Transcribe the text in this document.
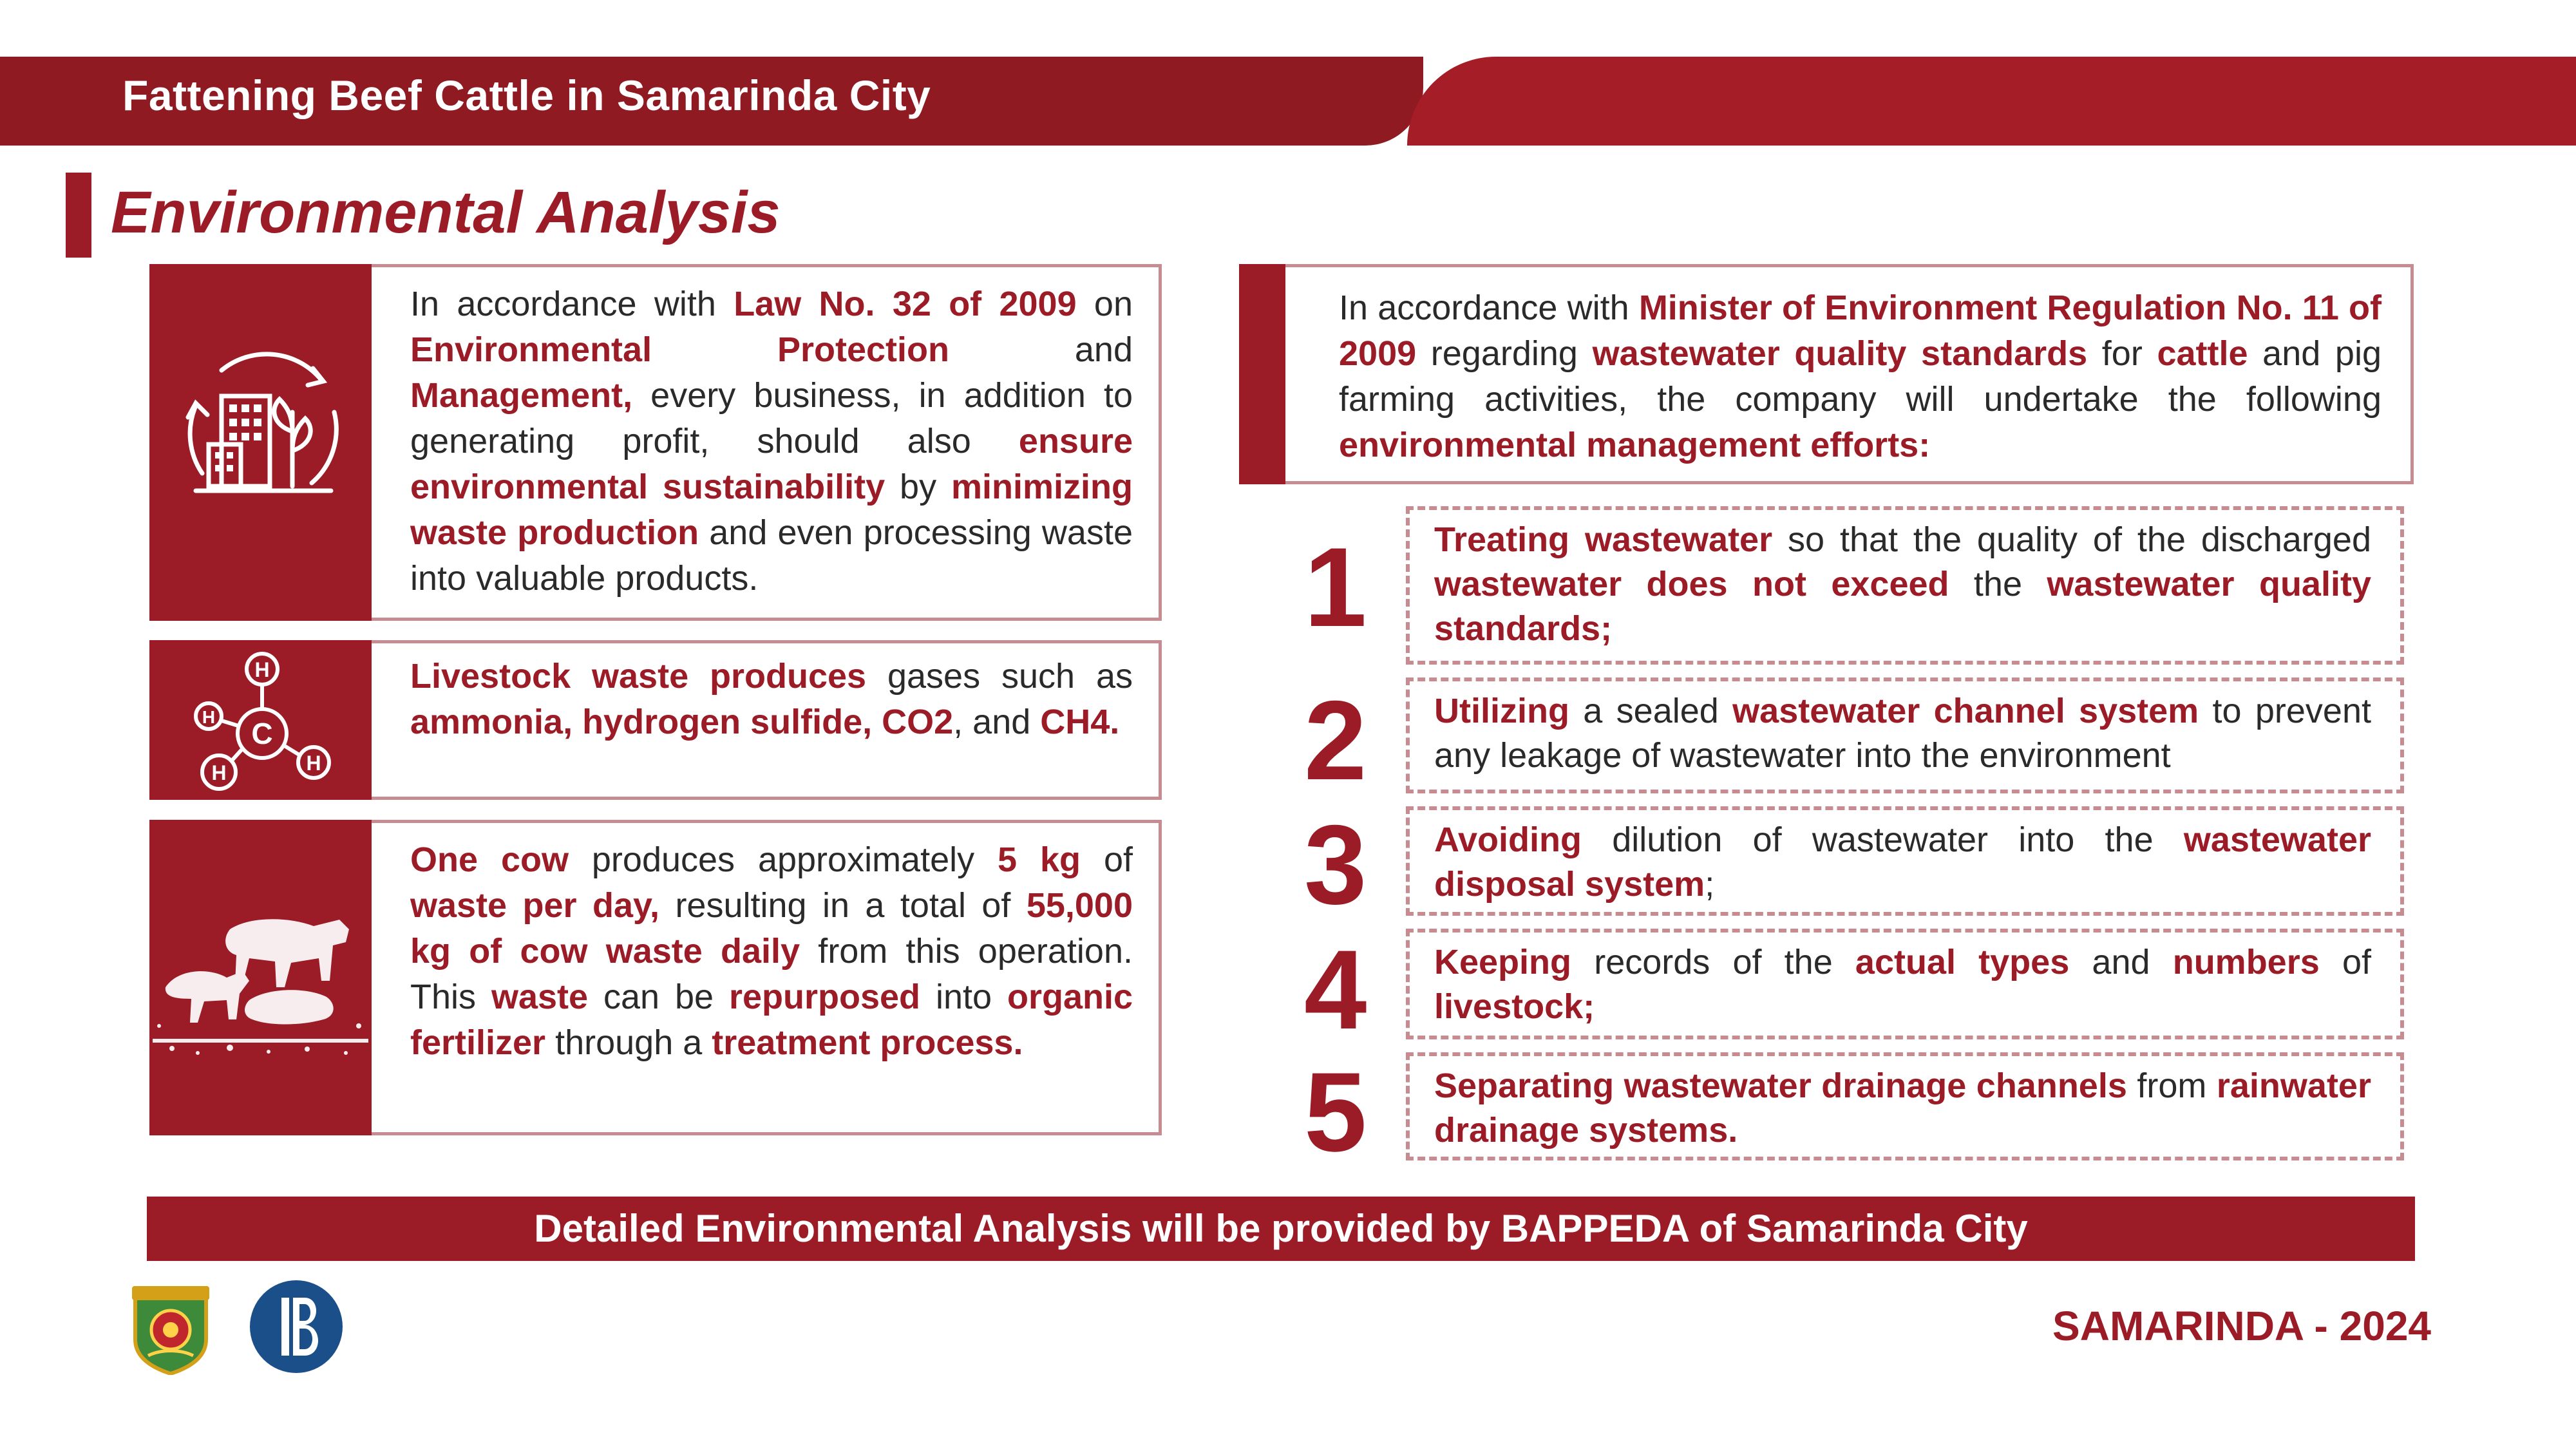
Fattening Beef Cattle in Samarinda City
Environmental Analysis
In accordance with Law No. 32 of 2009 on Environmental Protection and Management, every business, in addition to generating profit, should also ensure environmental sustainability by minimizing waste production and even processing waste into valuable products.
C
H
H
H
H
Livestock waste produces gases such as ammonia, hydrogen sulfide, CO2, and CH4.
One cow produces approximately 5 kg of waste per day, resulting in a total of 55,000 kg of cow waste daily from this operation. This waste can be repurposed into organic fertilizer through a treatment process.
In accordance with Minister of Environment Regulation No. 11 of 2009 regarding wastewater quality standards for cattle and pig farming activities, the company will undertake the following environmental management efforts:
1 Treating wastewater so that the quality of the discharged wastewater does not exceed the wastewater quality standards;
2 Utilizing a sealed wastewater channel system to prevent any leakage of wastewater into the environment
3 Avoiding dilution of wastewater into the wastewater disposal system;
4 Keeping records of the actual types and numbers of livestock;
5 Separating wastewater drainage channels from rainwater drainage systems.
Detailed Environmental Analysis will be provided by BAPPEDA of Samarinda City
SAMARINDA - 2024
